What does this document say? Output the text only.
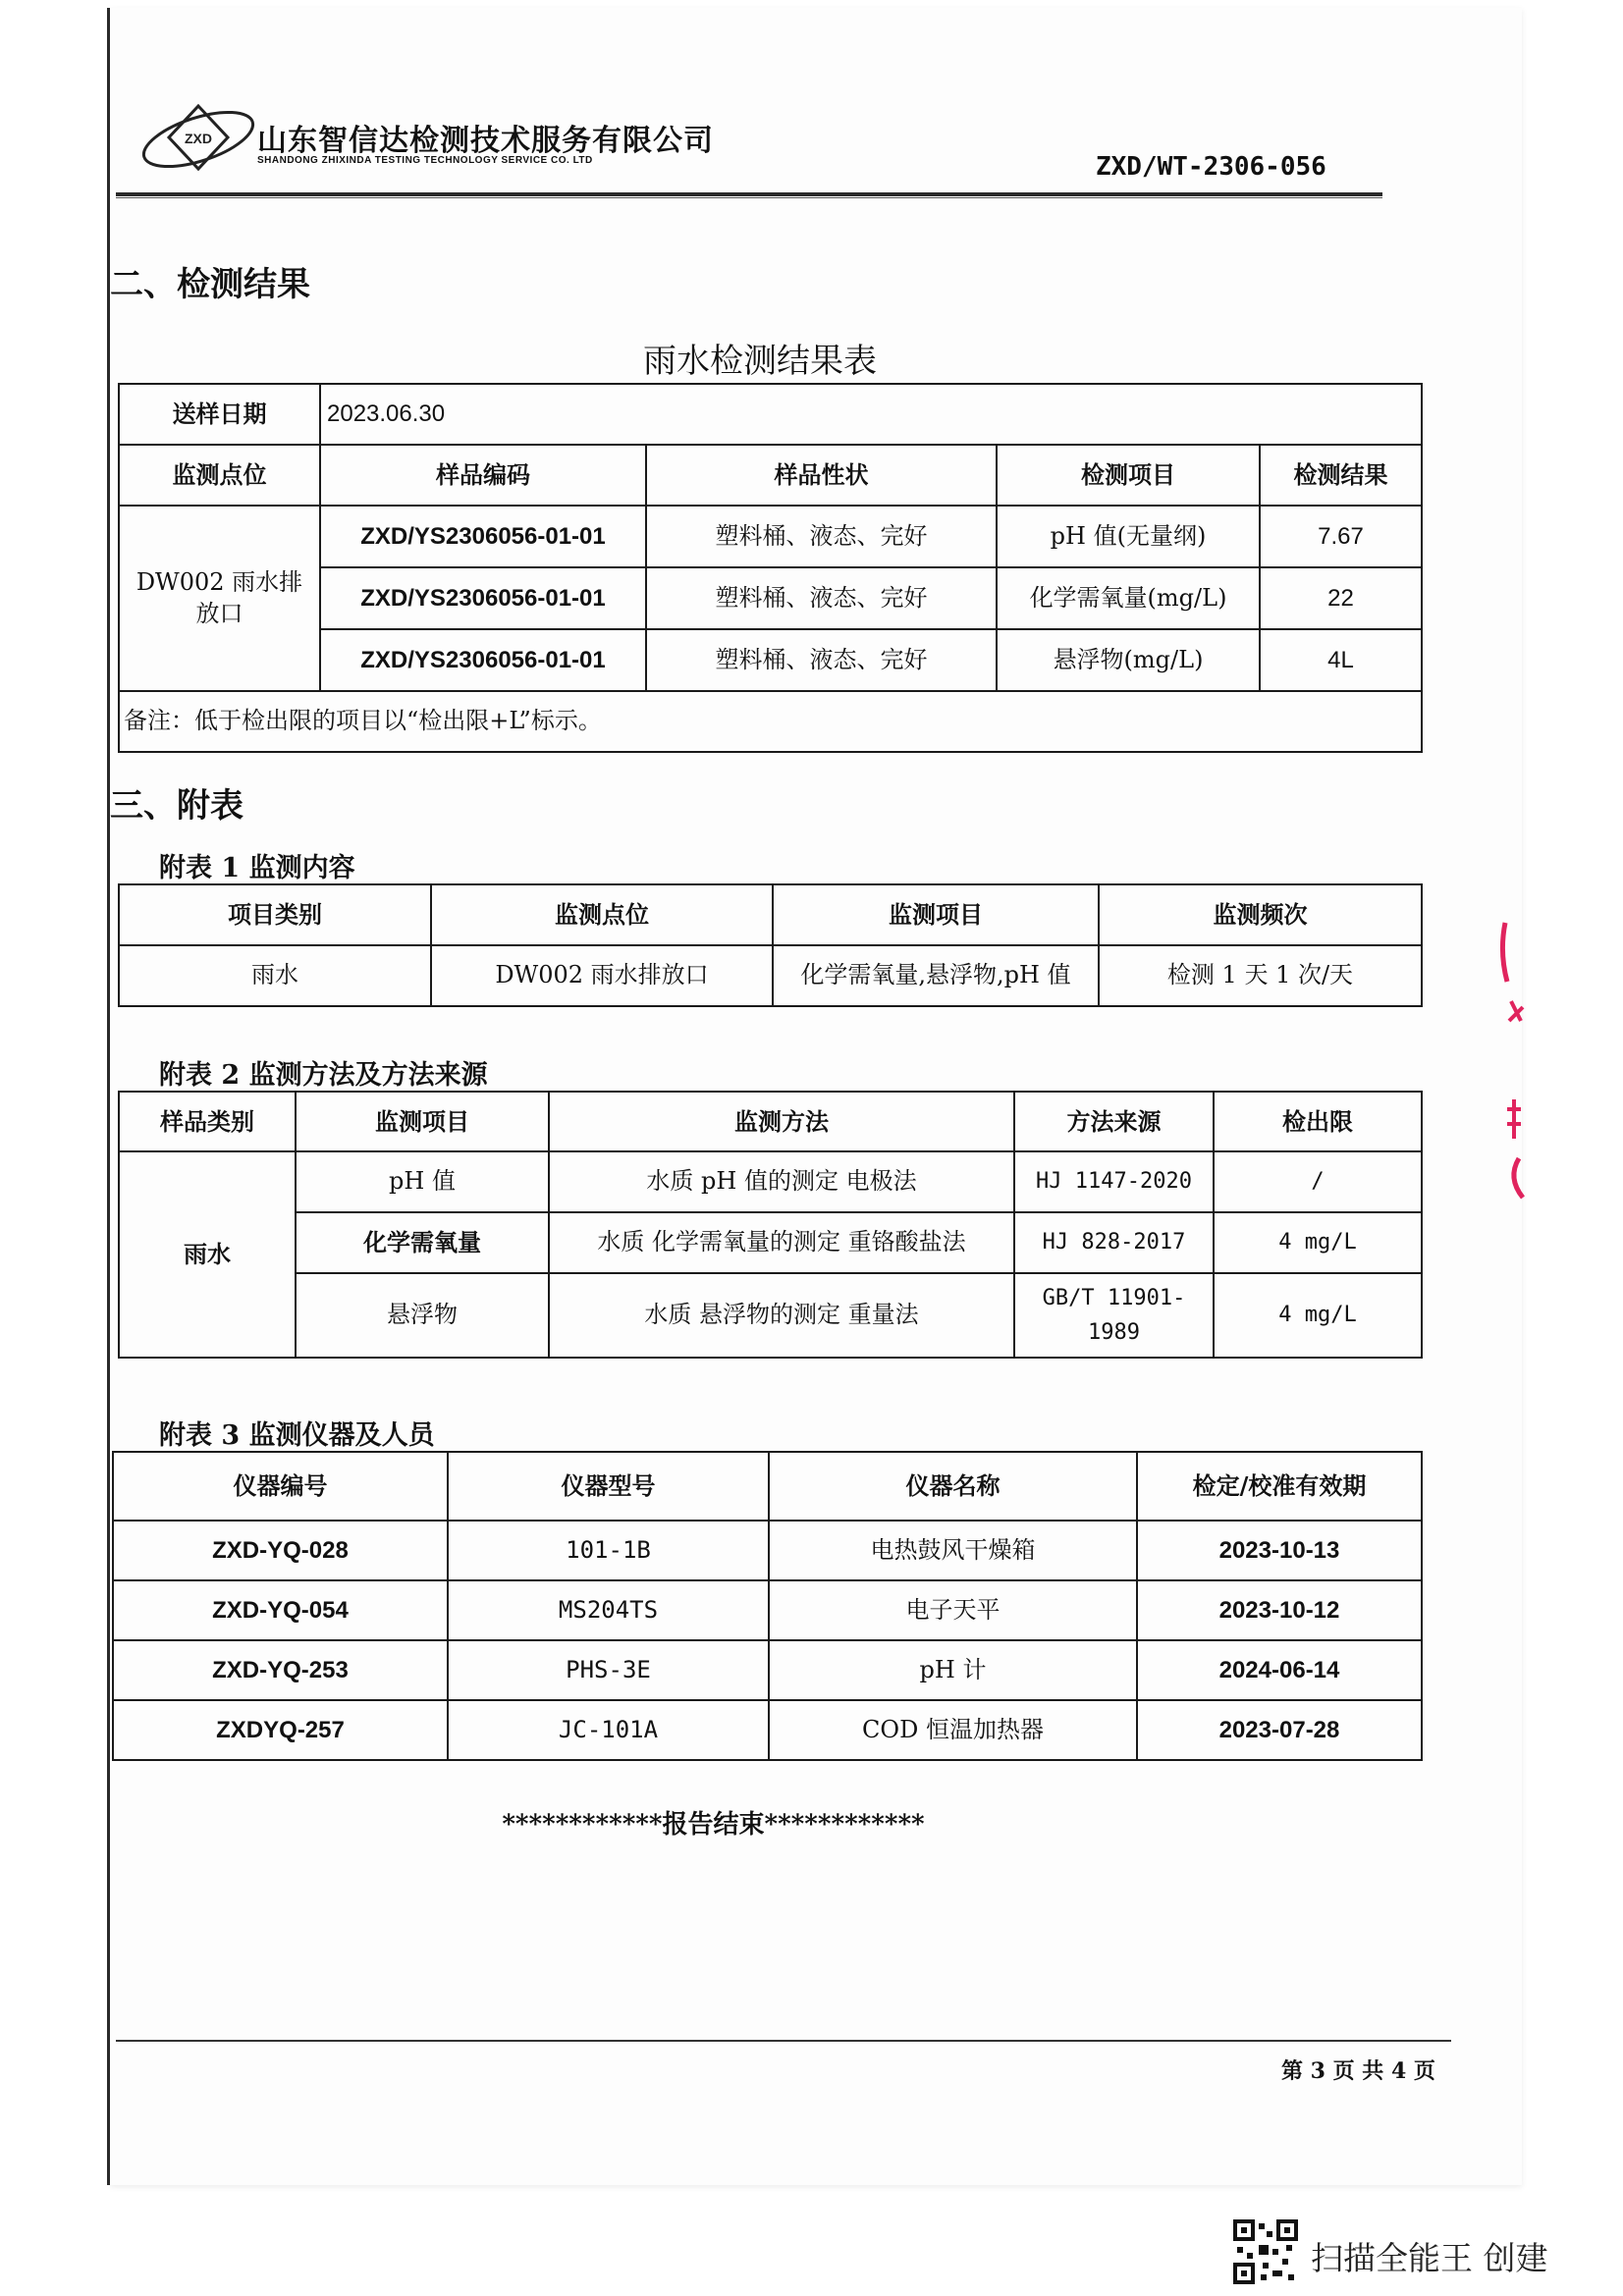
ZXD 山东智信达检测技术服务有限公司
SHANDONG ZHIXINDA TESTING TECHNOLOGY SERVICE CO. LTD	ZXD/WT-2306-056
二、检测结果
雨水检测结果表
送样日期	2023.06.30			
监测点位	样品编码	样品性状	检测项目	检测结果
DW002 雨水排放口	ZXD/YS2306056-01-01	塑料桶、液态、完好	pH 值(无量纲)	7.67
	ZXD/YS2306056-01-01	塑料桶、液态、完好	化学需氧量(mg/L)	22
	ZXD/YS2306056-01-01	塑料桶、液态、完好	悬浮物(mg/L)	4L
备注：低于检出限的项目以“检出限+L”标示。				
三、附表
附表 1 监测内容
项目类别	监测点位	监测项目	监测频次
雨水	DW002 雨水排放口	化学需氧量,悬浮物,pH 值	检测 1 天 1 次/天
附表 2 监测方法及方法来源
样品类别	监测项目	监测方法	方法来源	检出限
雨水	pH 值	水质 pH 值的测定 电极法	HJ 1147-2020	/
	化学需氧量	水质 化学需氧量的测定 重铬酸盐法	HJ 828-2017	4 mg/L
	悬浮物	水质 悬浮物的测定 重量法	GB/T 11901-1989	4 mg/L
附表 3 监测仪器及人员
仪器编号	仪器型号	仪器名称	检定/校准有效期
ZXD-YQ-028	101-1B	电热鼓风干燥箱	2023-10-13
ZXD-YQ-054	MS204TS	电子天平	2023-10-12
ZXD-YQ-253	PHS-3E	pH 计	2024-06-14
ZXDYQ-257	JC-101A	COD 恒温加热器	2023-07-28
************报告结束************
第 3 页 共 4 页
扫描全能王 创建
